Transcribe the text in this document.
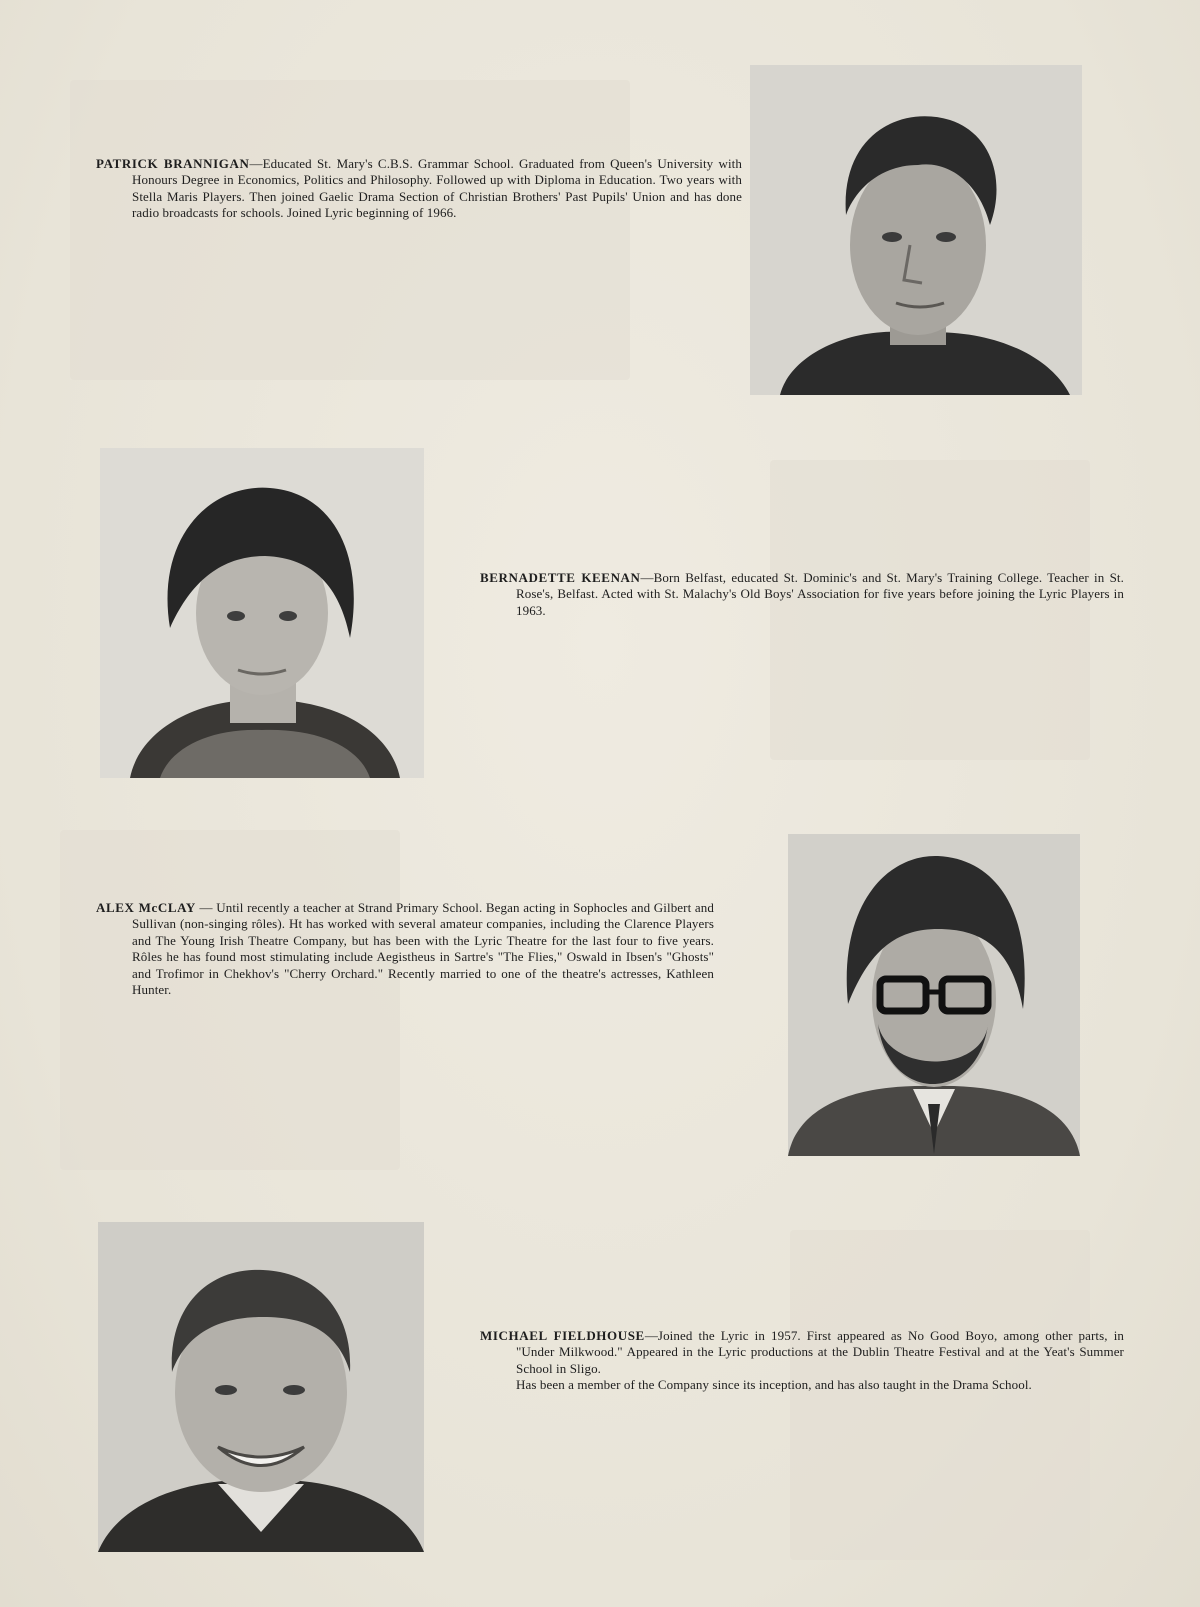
PATRICK BRANNIGAN—Educated St. Mary's C.B.S. Grammar School. Graduated from Queen's University with Honours Degree in Economics, Politics and Philosophy. Followed up with Diploma in Education. Two years with Stella Maris Players. Then joined Gaelic Drama Section of Christian Brothers' Past Pupils' Union and has done radio broadcasts for schools. Joined Lyric beginning of 1966.
BERNADETTE KEENAN—Born Belfast, educated St. Dominic's and St. Mary's Training College. Teacher in St. Rose's, Belfast. Acted with St. Malachy's Old Boys' Association for five years before joining the Lyric Players in 1963.
ALEX McCLAY — Until recently a teacher at Strand Primary School. Began acting in Sophocles and Gilbert and Sullivan (non-singing rôles). Ht has worked with several amateur companies, including the Clarence Players and The Young Irish Theatre Company, but has been with the Lyric Theatre for the last four to five years. Rôles he has found most stimulating include Aegistheus in Sartre's "The Flies," Oswald in Ibsen's "Ghosts" and Trofimor in Chekhov's "Cherry Orchard." Recently married to one of the theatre's actresses, Kathleen Hunter.

MICHAEL FIELDHOUSE—Joined the Lyric in 1957. First appeared as No Good Boyo, among other parts, in "Under Milkwood." Appeared in the Lyric productions at the Dublin Theatre Festival and at the Yeat's Summer School in Sligo.

Has been a member of the Company since its inception, and has also taught in the Drama School.
